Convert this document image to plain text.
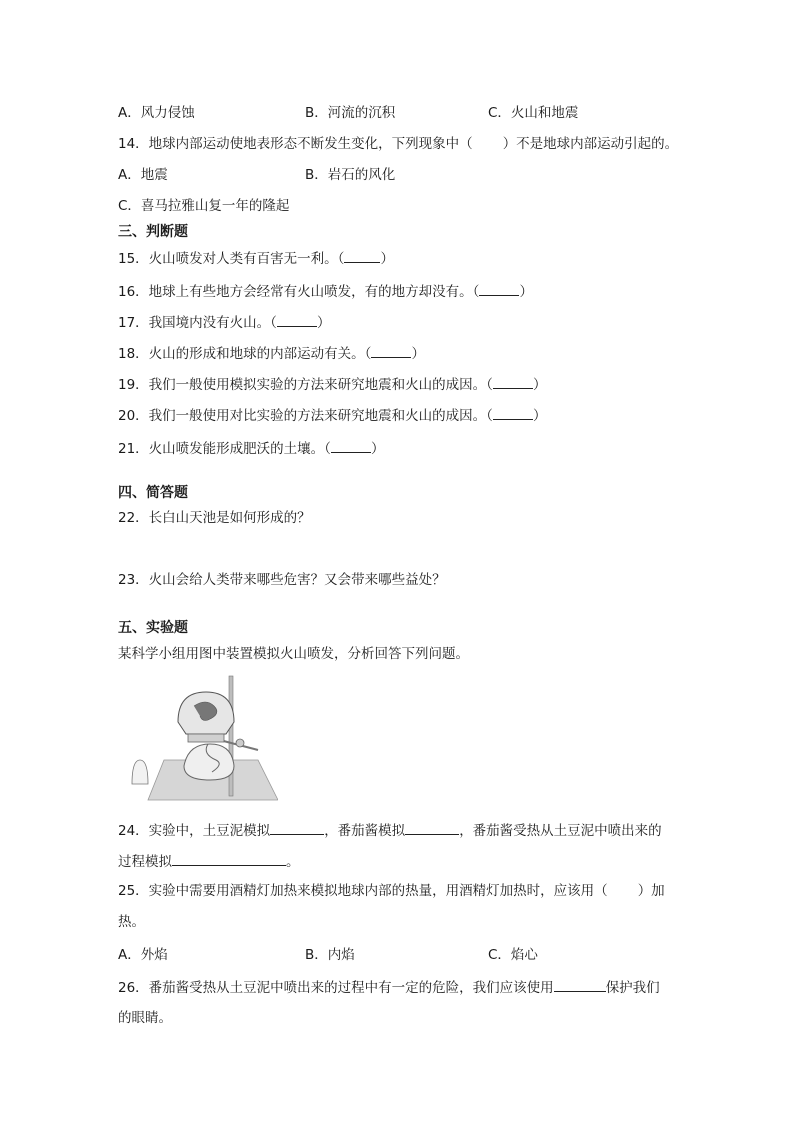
A．风力侵蚀	B．河流的沉积	C．火山和地震
14．地球内部运动使地表形态不断发生变化，下列现象中（ ）不是地球内部运动引起的。
A．地震	B．岩石的风化
C．喜马拉雅山复一年的隆起
三、判断题
15．火山喷发对人类有百害无一利。（	）
16．地球上有些地方会经常有火山喷发，有的地方却没有。（	）
17．我国境内没有火山。（	）
18．火山的形成和地球的内部运动有关。（	）
19．我们一般使用模拟实验的方法来研究地震和火山的成因。（	）
20．我们一般使用对比实验的方法来研究地震和火山的成因。（	）
21．火山喷发能形成肥沃的土壤。（	）
四、简答题
22．长白山天池是如何形成的？
23．火山会给人类带来哪些危害？又会带来哪些益处？
五、实验题
某科学小组用图中装置模拟火山喷发，分析回答下列问题。
24．实验中，土豆泥模拟	，番茄酱模拟	，番茄酱受热从土豆泥中喷出来的
过程模拟	。
25．实验中需要用酒精灯加热来模拟地球内部的热量，用酒精灯加热时，应该用（ ）加
热。
A．外焰	B．内焰	C．焰心
26．番茄酱受热从土豆泥中喷出来的过程中有一定的危险，我们应该使用	保护我们
的眼睛。
